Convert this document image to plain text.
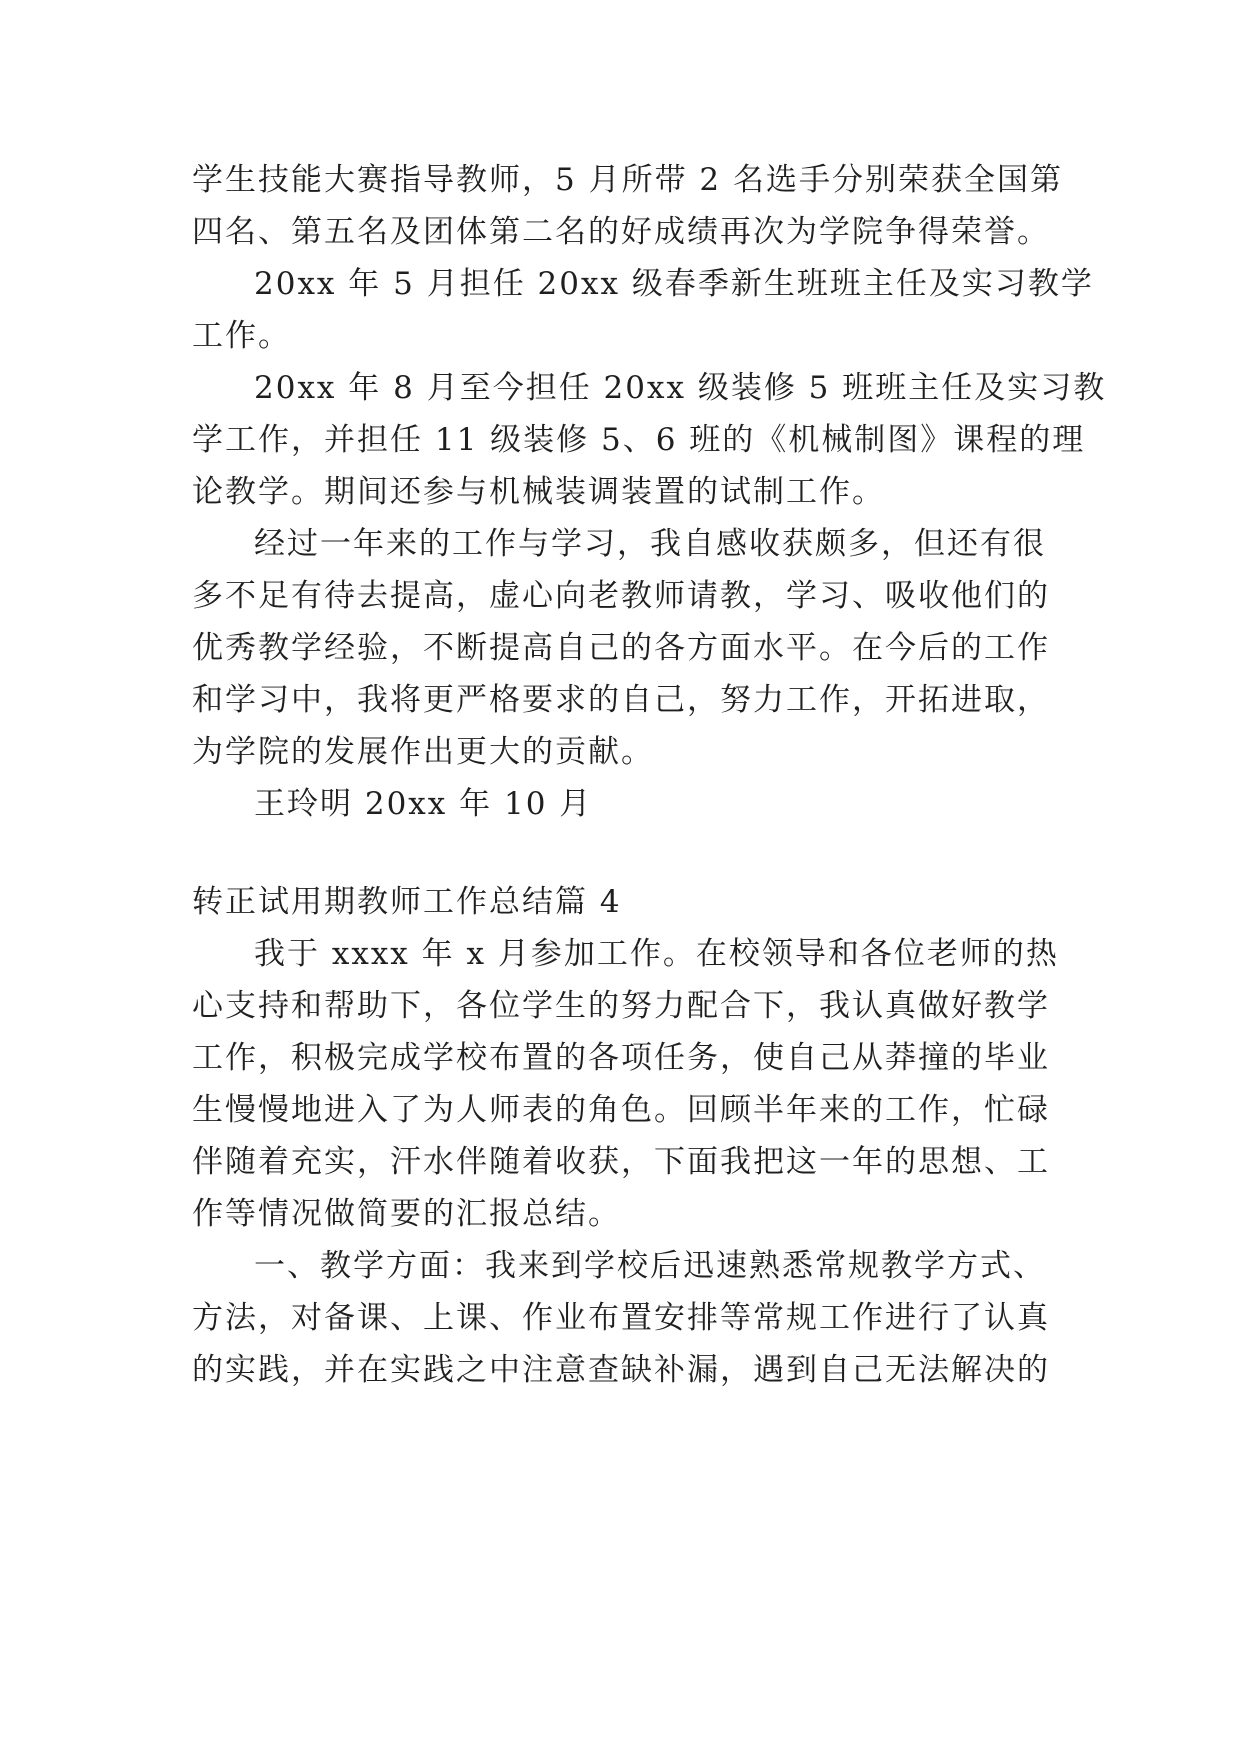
学生技能大赛指导教师，5 月所带 2 名选手分别荣获全国第
四名、第五名及团体第二名的好成绩再次为学院争得荣誉。
20xx 年 5 月担任 20xx 级春季新生班班主任及实习教学
工作。
20xx 年 8 月至今担任 20xx 级装修 5 班班主任及实习教
学工作，并担任 11 级装修 5、6 班的《机械制图》课程的理
论教学。期间还参与机械装调装置的试制工作。
经过一年来的工作与学习，我自感收获颇多，但还有很
多不足有待去提高，虚心向老教师请教，学习、吸收他们的
优秀教学经验，不断提高自己的各方面水平。在今后的工作
和学习中，我将更严格要求的自己，努力工作，开拓进取，
为学院的发展作出更大的贡献。
王玲明 20xx 年 10 月
转正试用期教师工作总结篇 4
我于 xxxx 年 x 月参加工作。在校领导和各位老师的热
心支持和帮助下，各位学生的努力配合下，我认真做好教学
工作，积极完成学校布置的各项任务，使自己从莽撞的毕业
生慢慢地进入了为人师表的角色。回顾半年来的工作，忙碌
伴随着充实，汗水伴随着收获，下面我把这一年的思想、工
作等情况做简要的汇报总结。
一、教学方面：我来到学校后迅速熟悉常规教学方式、
方法，对备课、上课、作业布置安排等常规工作进行了认真
的实践，并在实践之中注意查缺补漏，遇到自己无法解决的
